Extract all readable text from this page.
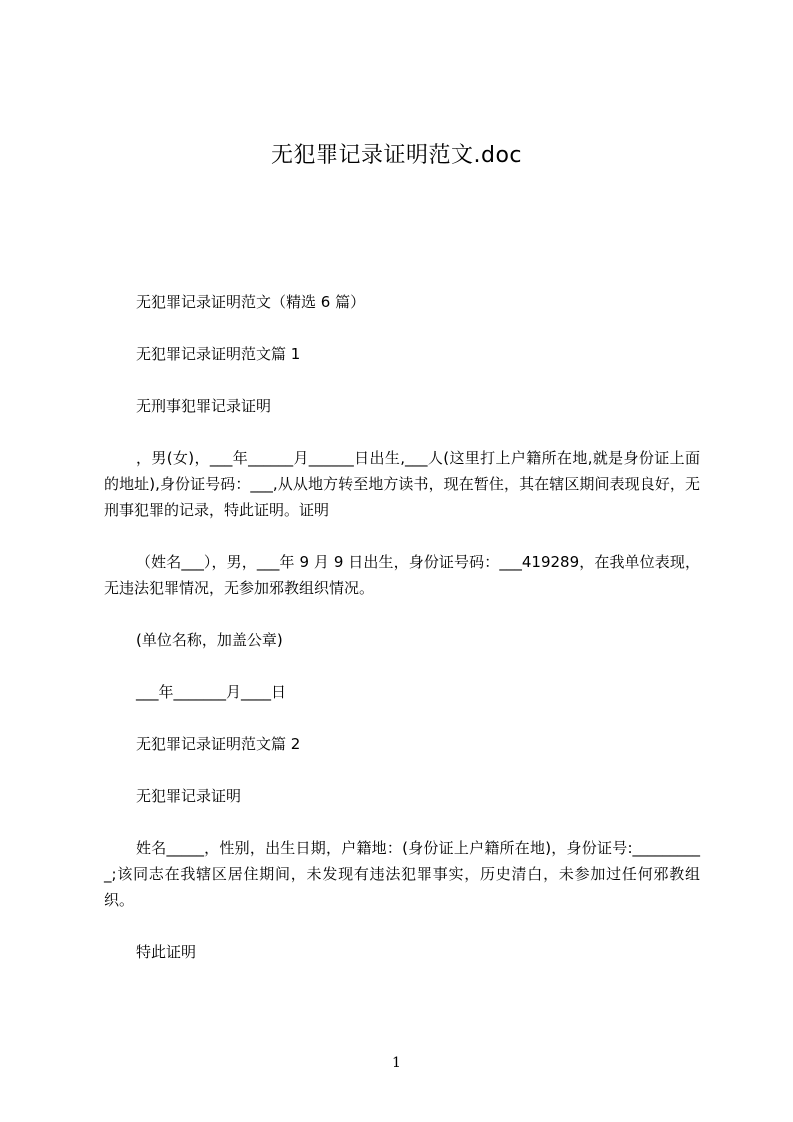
无犯罪记录证明范文.doc

无犯罪记录证明范文（精选 6 篇）

无犯罪记录证明范文篇 1

无刑事犯罪记录证明

，男(女)，___年______月______日出生,___人(这里打上户籍所在地,就是身份证上面的地址),身份证号码：___,从从地方转至地方读书，现在暂住，其在辖区期间表现良好，无刑事犯罪的记录，特此证明。证明

（姓名___），男，___年 9 月 9 日出生，身份证号码：___419289，在我单位表现，无违法犯罪情况，无参加邪教组织情况。

(单位名称，加盖公章)

___年_______月____日

无犯罪记录证明范文篇 2

无犯罪记录证明

姓名_____，性别，出生日期，户籍地：(身份证上户籍所在地)，身份证号:__________;该同志在我辖区居住期间，未发现有违法犯罪事实，历史清白，未参加过任何邪教组织。

特此证明

1
